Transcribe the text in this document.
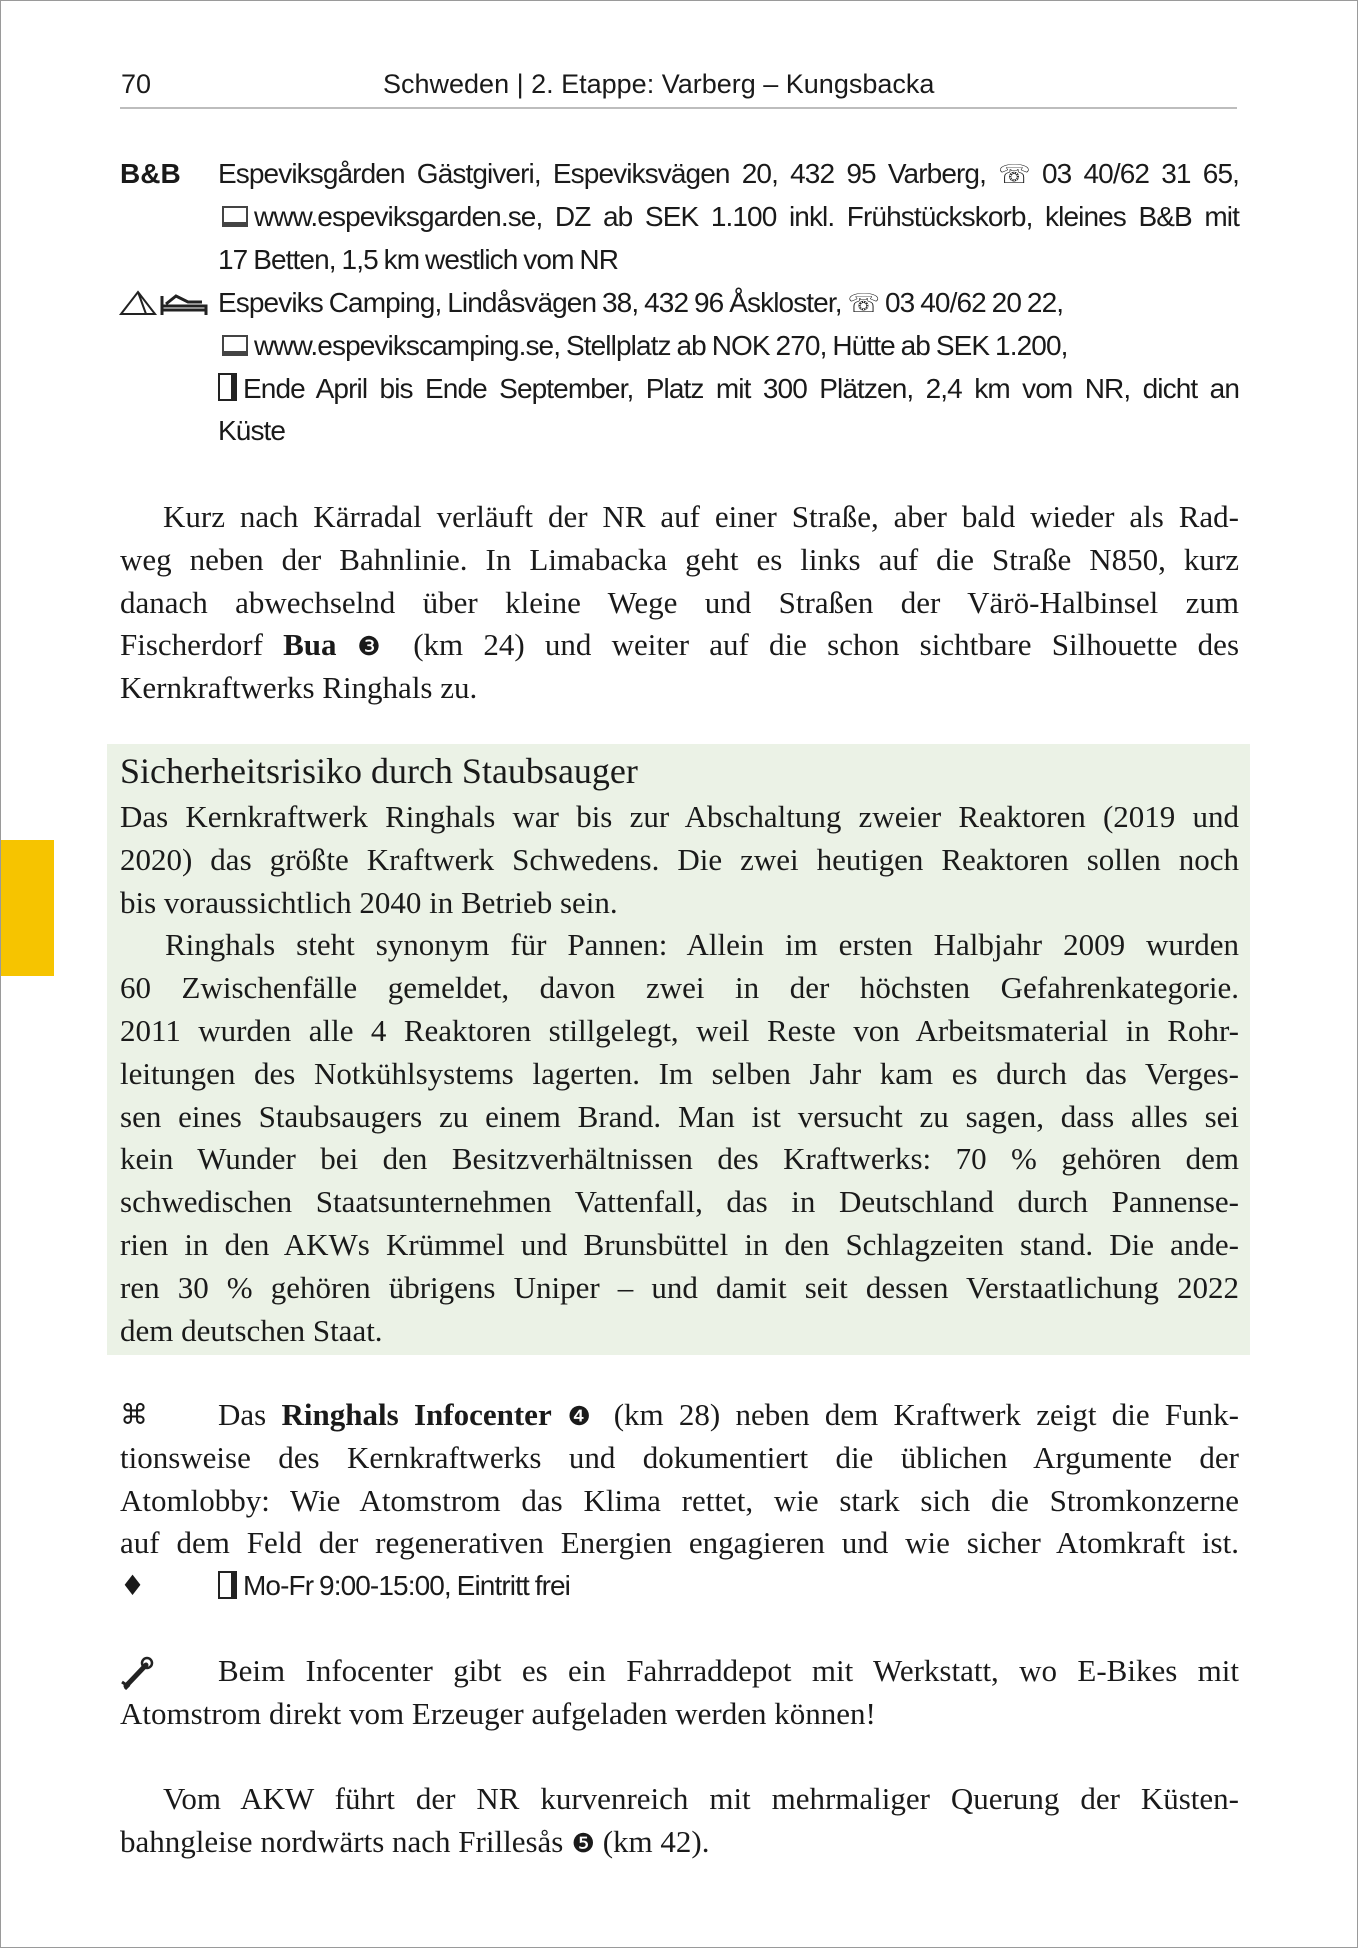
70	Schweden | 2. Etappe: Varberg – Kungsbacka
B&B Espeviksgården Gästgiveri, Espeviksvägen 20, 432 95 Varberg, ☏ 03 40/62 31 65,
www.espeviksgarden.se, DZ ab SEK 1.100 inkl. Frühstückskorb, kleines B&B mit
17 Betten, 1,5 km westlich vom NR
Espeviks Camping, Lindåsvägen 38, 432 96 Åskloster, ☏ 03 40/62 20 22,
www.espevikscamping.se, Stellplatz ab NOK 270, Hütte ab SEK 1.200,
Ende April bis Ende September, Platz mit 300 Plätzen, 2,4 km vom NR, dicht an
Küste
Kurz nach Kärradal verläuft der NR auf einer Straße, aber bald wieder als Rad-
weg neben der Bahnlinie. In Limabacka geht es links auf die Straße N850, kurz
danach abwechselnd über kleine Wege und Straßen der Värö-Halbinsel zum
Fischerdorf Bua ❸ (km 24) und weiter auf die schon sichtbare Silhouette des
Kernkraftwerks Ringhals zu.
Sicherheitsrisiko durch Staubsauger
Das Kernkraftwerk Ringhals war bis zur Abschaltung zweier Reaktoren (2019 und
2020) das größte Kraftwerk Schwedens. Die zwei heutigen Reaktoren sollen noch
bis voraussichtlich 2040 in Betrieb sein.
Ringhals steht synonym für Pannen: Allein im ersten Halbjahr 2009 wurden
60 Zwischenfälle gemeldet, davon zwei in der höchsten Gefahrenkategorie.
2011 wurden alle 4 Reaktoren stillgelegt, weil Reste von Arbeitsmaterial in Rohr-
leitungen des Notkühlsystems lagerten. Im selben Jahr kam es durch das Verges-
sen eines Staubsaugers zu einem Brand. Man ist versucht zu sagen, dass alles sei
kein Wunder bei den Besitzverhältnissen des Kraftwerks: 70 % gehören dem
schwedischen Staatsunternehmen Vattenfall, das in Deutschland durch Pannense-
rien in den AKWs Krümmel und Brunsbüttel in den Schlagzeiten stand. Die ande-
ren 30 % gehören übrigens Uniper – und damit seit dessen Verstaatlichung 2022
dem deutschen Staat.
⌘	Das Ringhals Infocenter ❹ (km 28) neben dem Kraftwerk zeigt die Funk-
tionsweise des Kernkraftwerks und dokumentiert die üblichen Argumente der
Atomlobby: Wie Atomstrom das Klima rettet, wie stark sich die Stromkonzerne
auf dem Feld der regenerativen Energien engagieren und wie sicher Atomkraft ist.
♦	Mo-Fr 9:00-15:00, Eintritt frei
Beim Infocenter gibt es ein Fahrraddepot mit Werkstatt, wo E-Bikes mit
Atomstrom direkt vom Erzeuger aufgeladen werden können!
Vom AKW führt der NR kurvenreich mit mehrmaliger Querung der Küsten-
bahngleise nordwärts nach Frillesås ❺ (km 42).
